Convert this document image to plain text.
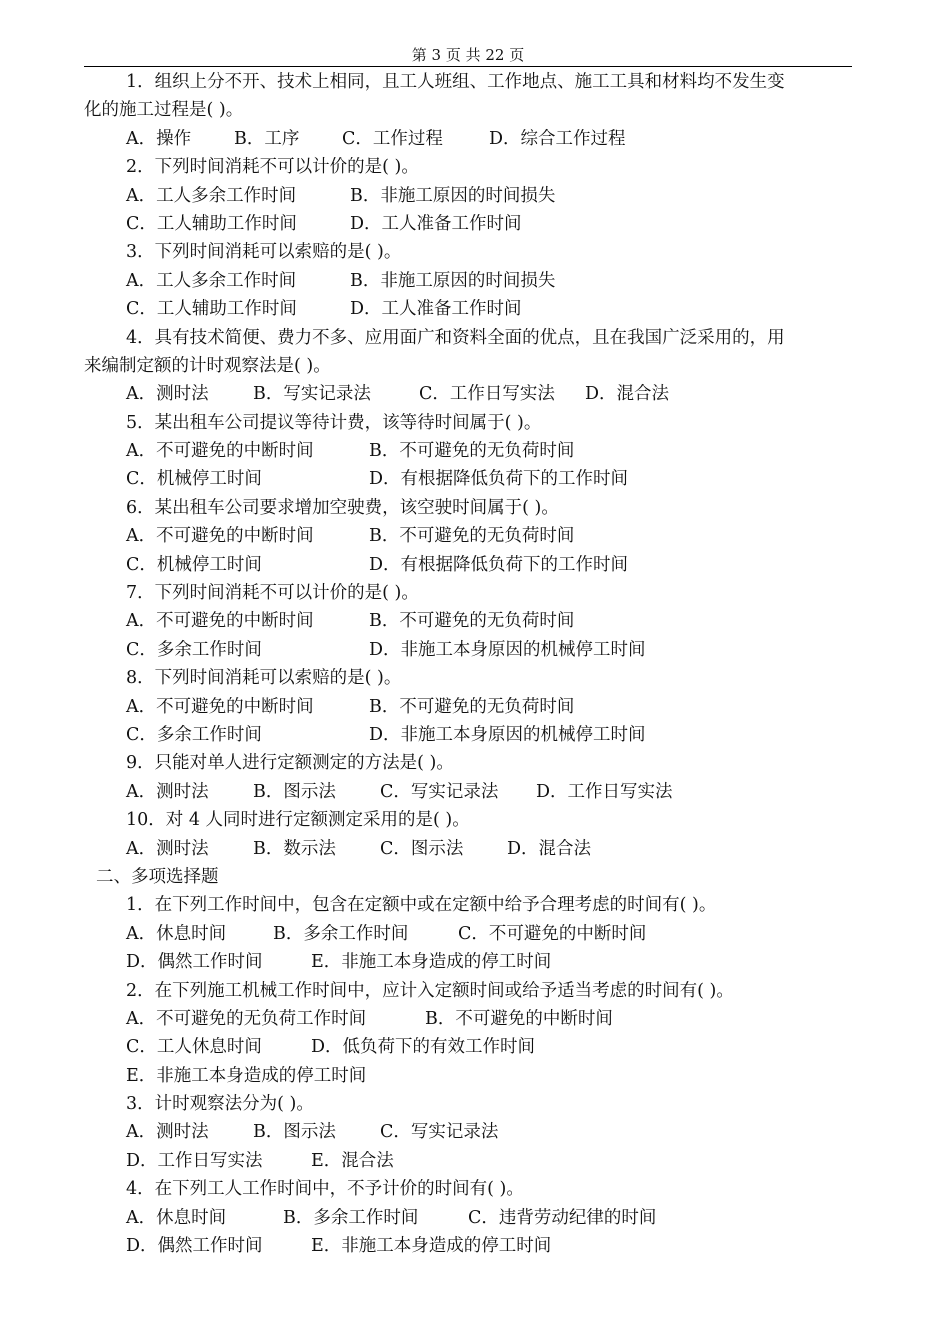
第 3 页 共 22 页
1．组织上分不开、技术上相同，且工人班组、工作地点、施工工具和材料均不发生变
化的施工过程是( )。
A．操作 B．工序 C．工作过程	D．综合工作过程
2．下列时间消耗不可以计价的是( )。
A．工人多余工作时间	B．非施工原因的时间损失
C．工人辅助工作时间	D．工人准备工作时间
3．下列时间消耗可以索赔的是( )。
A．工人多余工作时间	B．非施工原因的时间损失
C．工人辅助工作时间	D．工人准备工作时间
4．具有技术简便、费力不多、应用面广和资料全面的优点，且在我国广泛采用的，用
来编制定额的计时观察法是( )。
A．测时法	B．写实记录法	C．工作日写实法 D．混合法
5．某出租车公司提议等待计费，该等待时间属于( )。
A．不可避免的中断时间	B．不可避免的无负荷时间
C．机械停工时间	D．有根据降低负荷下的工作时间
6．某出租车公司要求增加空驶费，该空驶时间属于( )。
A．不可避免的中断时间	B．不可避免的无负荷时间
C．机械停工时间	D．有根据降低负荷下的工作时间
7．下列时间消耗不可以计价的是( )。
A．不可避免的中断时间	B．不可避免的无负荷时间
C．多余工作时间	D．非施工本身原因的机械停工时间
8．下列时间消耗可以索赔的是( )。
A．不可避免的中断时间	B．不可避免的无负荷时间
C．多余工作时间	D．非施工本身原因的机械停工时间
9．只能对单人进行定额测定的方法是( )。
A．测时法	B．图示法	C．写实记录法 D．工作日写实法
10．对 4 人同时进行定额测定采用的是( )。
A．测时法	B．数示法	C．图示法 D．混合法
二、多项选择题
1．在下列工作时间中，包含在定额中或在定额中给予合理考虑的时间有( )。
A．休息时间	B．多余工作时间	C．不可避免的中断时间
D．偶然工作时间	E．非施工本身造成的停工时间
2．在下列施工机械工作时间中，应计入定额时间或给予适当考虑的时间有( )。
A．不可避免的无负荷工作时间	B．不可避免的中断时间
C．工人休息时间	D．低负荷下的有效工作时间
E．非施工本身造成的停工时间
3．计时观察法分为( )。
A．测时法	B．图示法	C．写实记录法
D．工作日写实法	E．混合法
4．在下列工人工作时间中，不予计价的时间有( )。
A．休息时间	B．多余工作时间	C．违背劳动纪律的时间
D．偶然工作时间	E．非施工本身造成的停工时间
